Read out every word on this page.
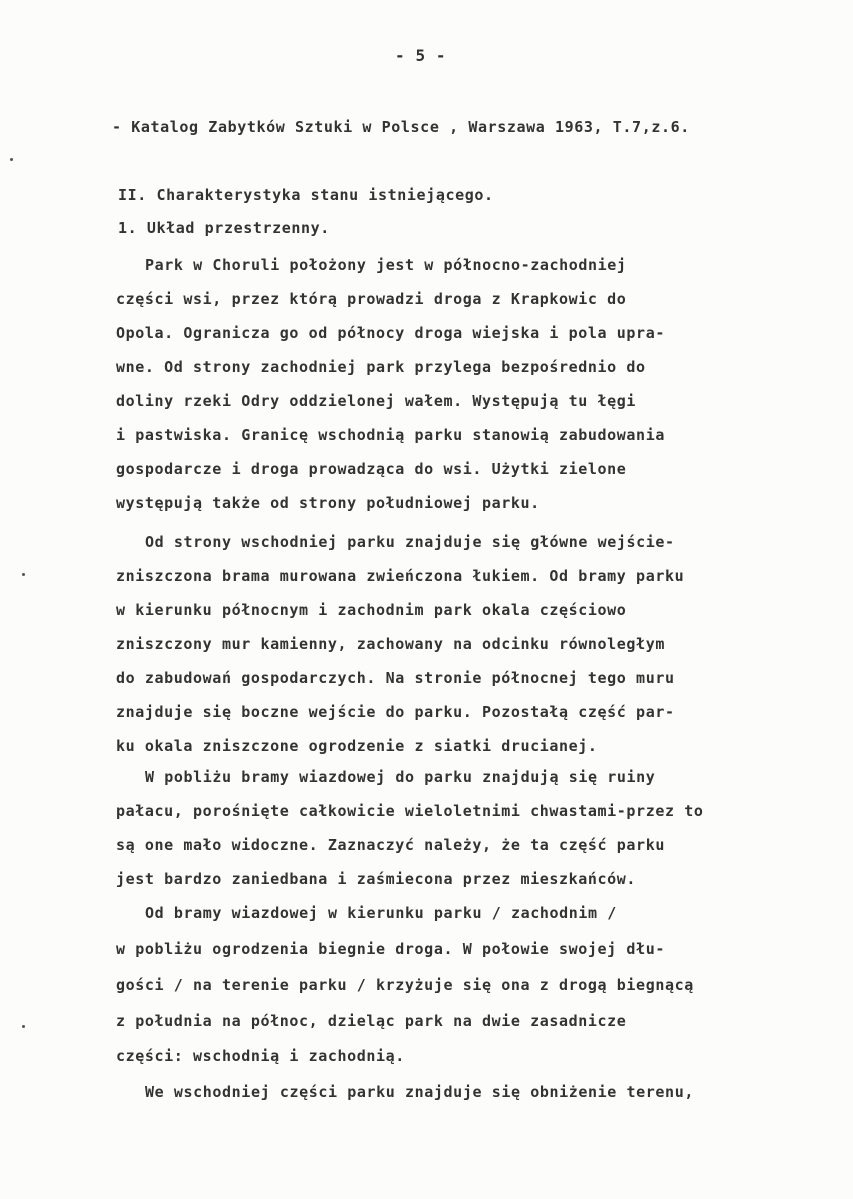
- 5 -
- Katalog Zabytków Sztuki w Polsce , Warszawa 1963, T.7,z.6.
II. Charakterystyka stanu istniejącego.
1. Układ przestrzenny.
Park w Choruli położony jest w północno-zachodniej
części wsi, przez którą prowadzi droga z Krapkowic do
Opola. Ogranicza go od północy droga wiejska i pola upra-
wne. Od strony zachodniej park przylega bezpośrednio do
doliny rzeki Odry oddzielonej wałem. Występują tu łęgi
i pastwiska. Granicę wschodnią parku stanowią zabudowania
gospodarcze i droga prowadząca do wsi. Użytki zielone
występują także od strony południowej parku.
Od strony wschodniej parku znajduje się główne wejście-
zniszczona brama murowana zwieńczona łukiem. Od bramy parku
w kierunku północnym i zachodnim park okala częściowo
zniszczony mur kamienny, zachowany na odcinku równoległym
do zabudowań gospodarczych. Na stronie północnej tego muru
znajduje się boczne wejście do parku. Pozostałą część par-
ku okala zniszczone ogrodzenie z siatki drucianej.
W pobliżu bramy wiazdowej do parku znajdują się ruiny
pałacu, porośnięte całkowicie wieloletnimi chwastami-przez to
są one mało widoczne. Zaznaczyć należy, że ta część parku
jest bardzo zaniedbana i zaśmiecona przez mieszkańców.
Od bramy wiazdowej w kierunku parku / zachodnim /
w pobliżu ogrodzenia biegnie droga. W połowie swojej dłu-
gości / na terenie parku / krzyżuje się ona z drogą biegnącą
z południa na północ, dzieląc park na dwie zasadnicze
części: wschodnią i zachodnią.
We wschodniej części parku znajduje się obniżenie terenu,
